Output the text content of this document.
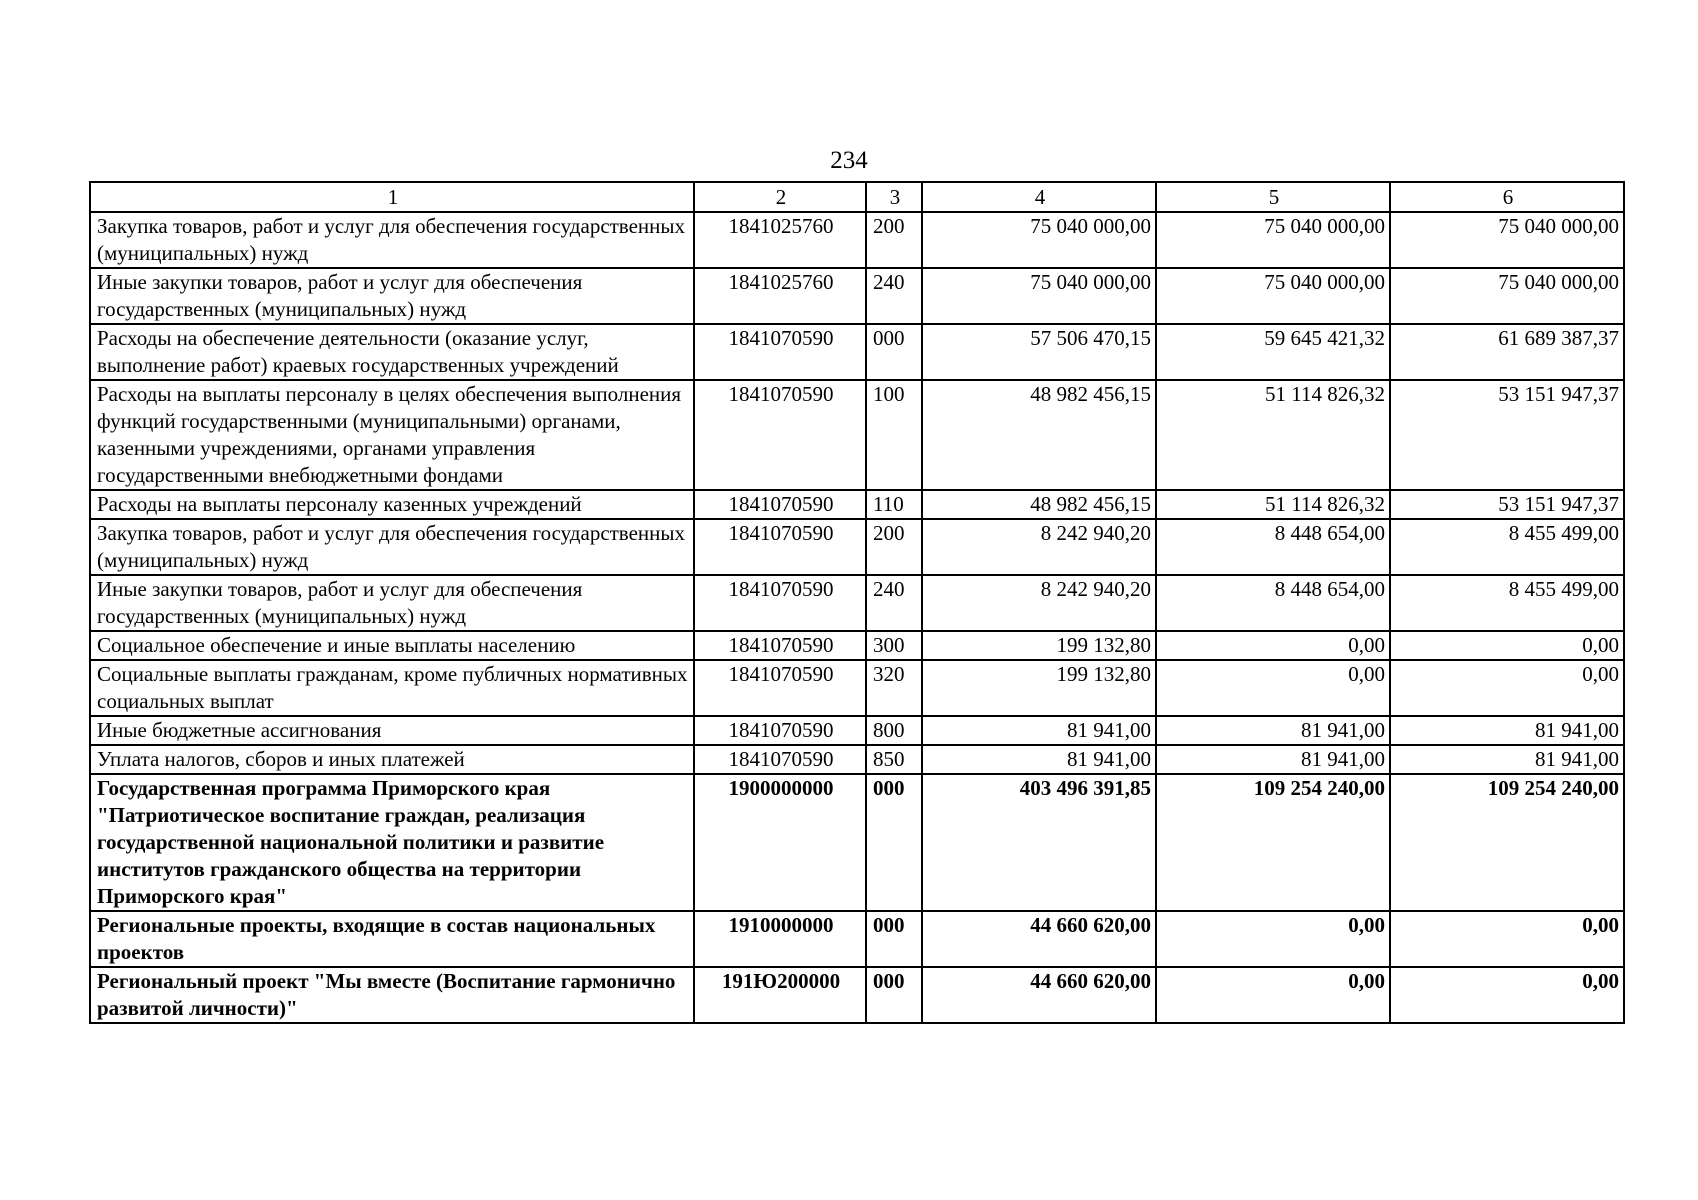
234
1	2	3	4	5	6
Закупка товаров, работ и услуг для обеспечения государственных (муниципальных) нужд	1841025760	200	75 040 000,00	75 040 000,00	75 040 000,00
Иные закупки товаров, работ и услуг для обеспечения государственных (муниципальных) нужд	1841025760	240	75 040 000,00	75 040 000,00	75 040 000,00
Расходы на обеспечение деятельности (оказание услуг, выполнение работ) краевых государственных учреждений	1841070590	000	57 506 470,15	59 645 421,32	61 689 387,37
Расходы на выплаты персоналу в целях обеспечения выполнения функций государственными (муниципальными) органами, казенными учреждениями, органами управления государственными внебюджетными фондами	1841070590	100	48 982 456,15	51 114 826,32	53 151 947,37
Расходы на выплаты персоналу казенных учреждений	1841070590	110	48 982 456,15	51 114 826,32	53 151 947,37
Закупка товаров, работ и услуг для обеспечения государственных (муниципальных) нужд	1841070590	200	8 242 940,20	8 448 654,00	8 455 499,00
Иные закупки товаров, работ и услуг для обеспечения государственных (муниципальных) нужд	1841070590	240	8 242 940,20	8 448 654,00	8 455 499,00
Социальное обеспечение и иные выплаты населению	1841070590	300	199 132,80	0,00	0,00
Социальные выплаты гражданам, кроме публичных нормативных социальных выплат	1841070590	320	199 132,80	0,00	0,00
Иные бюджетные ассигнования	1841070590	800	81 941,00	81 941,00	81 941,00
Уплата налогов, сборов и иных платежей	1841070590	850	81 941,00	81 941,00	81 941,00
Государственная программа Приморского края "Патриотическое воспитание граждан, реализация государственной национальной политики и развитие институтов гражданского общества на территории Приморского края"	1900000000	000	403 496 391,85	109 254 240,00	109 254 240,00
Региональные проекты, входящие в состав национальных проектов	1910000000	000	44 660 620,00	0,00	0,00
Региональный проект "Мы вместе (Воспитание гармонично развитой личности)"	191Ю200000	000	44 660 620,00	0,00	0,00
